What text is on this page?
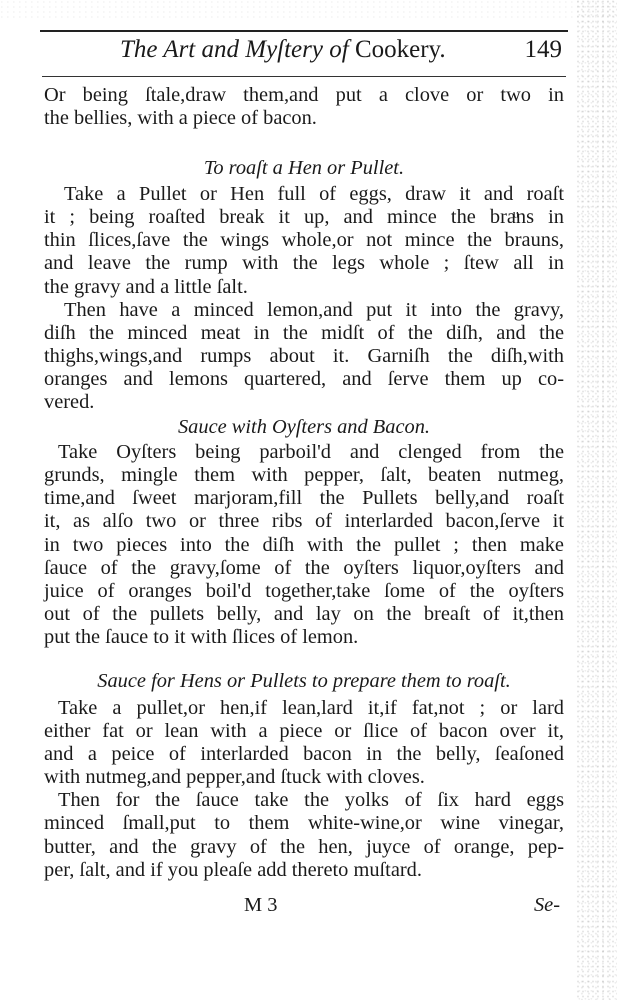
The Art and Myſtery of Cookery.	149
Or being ſtale,draw them,and put a clove or two in
the bellies, with a piece of bacon.
To roaſt a Hen or Pullet.
Take a Pullet or Hen full of eggs, draw it and roaſt
it ; being roaſted break it up, and mince the braͧns in
thin ſlices,ſave the wings whole,or not mince the brauns,
and leave the rump with the legs whole ; ſtew all in
the gravy and a little ſalt.
Then have a minced lemon,and put it into the gravy,
diſh the minced meat in the midſt of the diſh, and the
thighs,wings,and rumps about it. Garniſh the diſh,with
oranges and lemons quartered, and ſerve them up co-
vered.
Sauce with Oyſters and Bacon.
Take Oyſters being parboil'd and clenged from the
grunds, mingle them with pepper, ſalt, beaten nutmeg,
time,and ſweet marjoram,fill the Pullets belly,and roaſt
it, as alſo two or three ribs of interlarded bacon,ſerve it
in two pieces into the diſh with the pullet ; then make
ſauce of the gravy,ſome of the oyſters liquor,oyſters and
juice of oranges boil'd together,take ſome of the oyſters
out of the pullets belly, and lay on the breaſt of it,then
put the ſauce to it with ſlices of lemon.
Sauce for Hens or Pullets to prepare them to roaſt.
Take a pullet,or hen,if lean,lard it,if fat,not ; or lard
either fat or lean with a piece or ſlice of bacon over it,
and a peice of interlarded bacon in the belly, ſeaſoned
with nutmeg,and pepper,and ſtuck with cloves.
Then for the ſauce take the yolks of ſix hard eggs
minced ſmall,put to them white-wine,or wine vinegar,
butter, and the gravy of the hen, juyce of orange, pep-
per, ſalt, and if you pleaſe add thereto muſtard.
M 3	Se-
